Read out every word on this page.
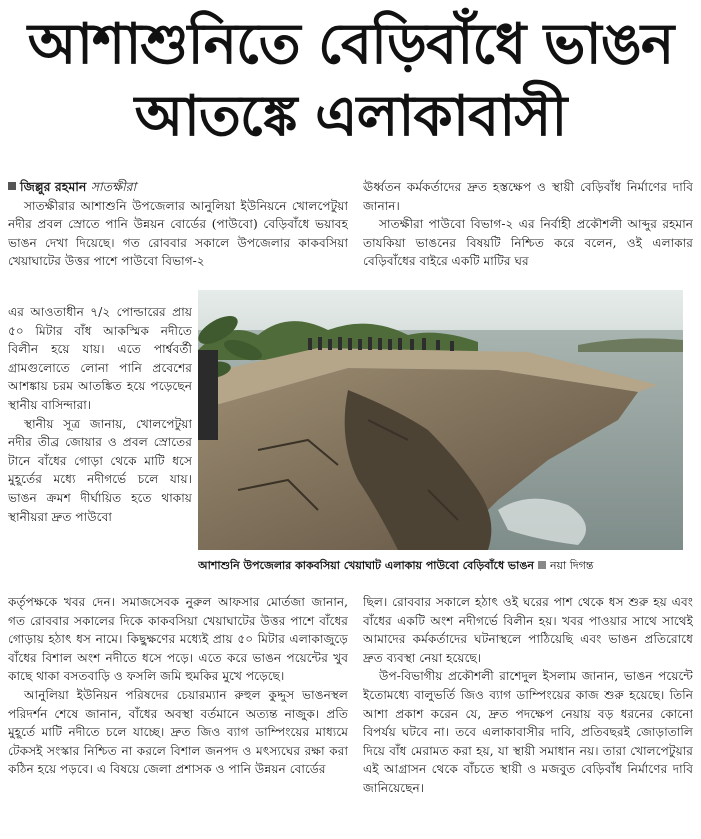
আশাশুনিতে বেড়িবাঁধে ভাঙন
আতঙ্কে এলাকাবাসী

জিল্লুর রহমান সাতক্ষীরা

সাতক্ষীরার আশাশুনি উপজেলার আনুলিয়া ইউনিয়নে খোলপেটুয়া নদীর প্রবল স্রোতে পানি উন্নয়ন বোর্ডের (পাউবো) বেড়িবাঁধে ভয়াবহ ভাঙন দেখা দিয়েছে। গত রোববার সকালে উপজেলার কাকবসিয়া খেয়াঘাটের উত্তর পাশে পাউবো বিভাগ-২

এর আওতাধীন ৭/২ পোল্ডারের প্রায় ৫০ মিটার বাঁধ আকস্মিক নদীতে বিলীন হয়ে যায়। এতে পার্শ্ববর্তী গ্রামগুলোতে লোনা পানি প্রবেশের আশঙ্কায় চরম আতঙ্কিত হয়ে পড়েছেন স্থানীয় বাসিন্দারা।

স্থানীয় সূত্র জানায়, খোলপেটুয়া নদীর তীব্র জোয়ার ও প্রবল স্রোতের টানে বাঁধের গোড়া থেকে মাটি ধসে মুহূর্তের মধ্যে নদীগর্ভে চলে যায়। ভাঙন ক্রমশ দীর্ঘায়িত হতে থাকায় স্থানীয়রা দ্রুত পাউবো

ঊর্ধ্বতন কর্মকর্তাদের দ্রুত হস্তক্ষেপ ও স্থায়ী বেড়িবাঁধ নির্মাণের দাবি জানান।

সাতক্ষীরা পাউবো বিভাগ-২ এর নির্বাহী প্রকৌশলী আব্দুর রহমান তাযকিয়া ভাঙনের বিষয়টি নিশ্চিত করে বলেন, ওই এলাকার বেড়িবাঁধের বাইরে একটি মাটির ঘর

আশাশুনি উপজেলার কাকবসিয়া খেয়াঘাট এলাকায় পাউবো বেড়িবাঁধে ভাঙন নয়া দিগন্ত

কর্তৃপক্ষকে খবর দেন। সমাজসেবক নুরুল আফসার মোর্তজা জানান, গত রোববার সকালের দিকে কাকবসিয়া খেয়াঘাটের উত্তর পাশে বাঁধের গোড়ায় হঠাৎ ধস নামে। কিছুক্ষণের মধ্যেই প্রায় ৫০ মিটার এলাকাজুড়ে বাঁধের বিশাল অংশ নদীতে ধসে পড়ে। এতে করে ভাঙন পয়েন্টের খুব কাছে থাকা বসতবাড়ি ও ফসলি জমি হুমকির মুখে পড়েছে।

আনুলিয়া ইউনিয়ন পরিষদের চেয়ারম্যান রুহুল কুদ্দুস ভাঙনস্থল পরিদর্শন শেষে জানান, বাঁধের অবস্থা বর্তমানে অত্যন্ত নাজুক। প্রতি মুহূর্তে মাটি নদীতে চলে যাচ্ছে। দ্রুত জিও ব্যাগ ডাম্পিংয়ের মাধ্যমে টেকসই সংস্কার নিশ্চিত না করলে বিশাল জনপদ ও মৎস্যঘের রক্ষা করা কঠিন হয়ে পড়বে। এ বিষয়ে জেলা প্রশাসক ও পানি উন্নয়ন বোর্ডের

ছিল। রোববার সকালে হঠাৎ ওই ঘরের পাশ থেকে ধস শুরু হয় এবং বাঁধের একটি অংশ নদীগর্ভে বিলীন হয়। খবর পাওয়ার সাথে সাথেই আমাদের কর্মকর্তাদের ঘটনাস্থলে পাঠিয়েছি এবং ভাঙন প্রতিরোধে দ্রুত ব্যবস্থা নেয়া হয়েছে।

উপ-বিভাগীয় প্রকৌশলী রাশেদুল ইসলাম জানান, ভাঙন পয়েন্টে ইতোমধ্যে বালুভর্তি জিও ব্যাগ ডাম্পিংয়ের কাজ শুরু হয়েছে। তিনি আশা প্রকাশ করেন যে, দ্রুত পদক্ষেপ নেয়ায় বড় ধরনের কোনো বিপর্যয় ঘটবে না। তবে এলাকাবাসীর দাবি, প্রতিবছরই জোড়াতালি দিয়ে বাঁধ মেরামত করা হয়, যা স্থায়ী সমাধান নয়। তারা খোলপেটুয়ার এই আগ্রাসন থেকে বাঁচতে স্থায়ী ও মজবুত বেড়িবাঁধ নির্মাণের দাবি জানিয়েছেন।
